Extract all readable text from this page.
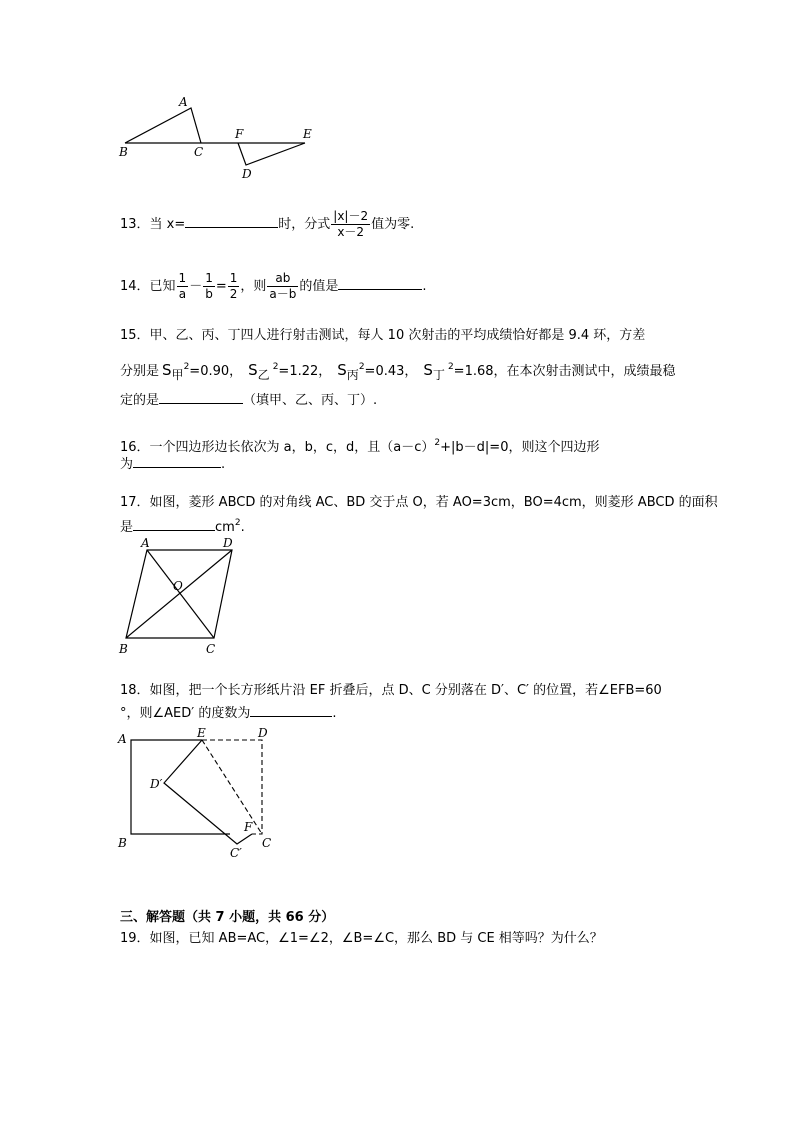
A
B	C
F	E
D
13．当 x=	时，分式 $\frac{|x|-2}{x-2}$ 值为零.
14．已知 $\frac{1}{a} - \frac{1}{b} = \frac{1}{2}$ ，则 $\frac{ab}{a-b}$ 的值是	.
15．甲、乙、丙、丁四人进行射击测试，每人 10 次射击的平均成绩恰好都是 9.4 环，方差
分别是 S甲$^2$=0.90， S乙$^2$=1.22， S丙$^2$=0.43， S丁$^2$=1.68，在本次射击测试中，成绩最稳
定的是	（填甲、乙、丙、丁）.
16．一个四边形边长依次为 a，b，c，d，且$(a-c)^2+|b-d|=0$，则这个四边形
为	.
17．如图，菱形 ABCD 的对角线 AC、BD 交于点 O，若 AO=3cm，BO=4cm，则菱形 ABCD 的面积
是	$cm^2$.
A	D
O
B	C
18．如图，把一个长方形纸片沿 EF 折叠后，点 D、C 分别落在 D′、C′ 的位置，若∠EFB=60
°，则∠AED′ 的度数为	.
A	E	D
D′
F
B	C
C′
三、解答题（共 7 小题，共 66 分）
19．如图，已知 AB=AC，∠1=∠2，∠B=∠C，那么 BD 与 CE 相等吗？为什么？
